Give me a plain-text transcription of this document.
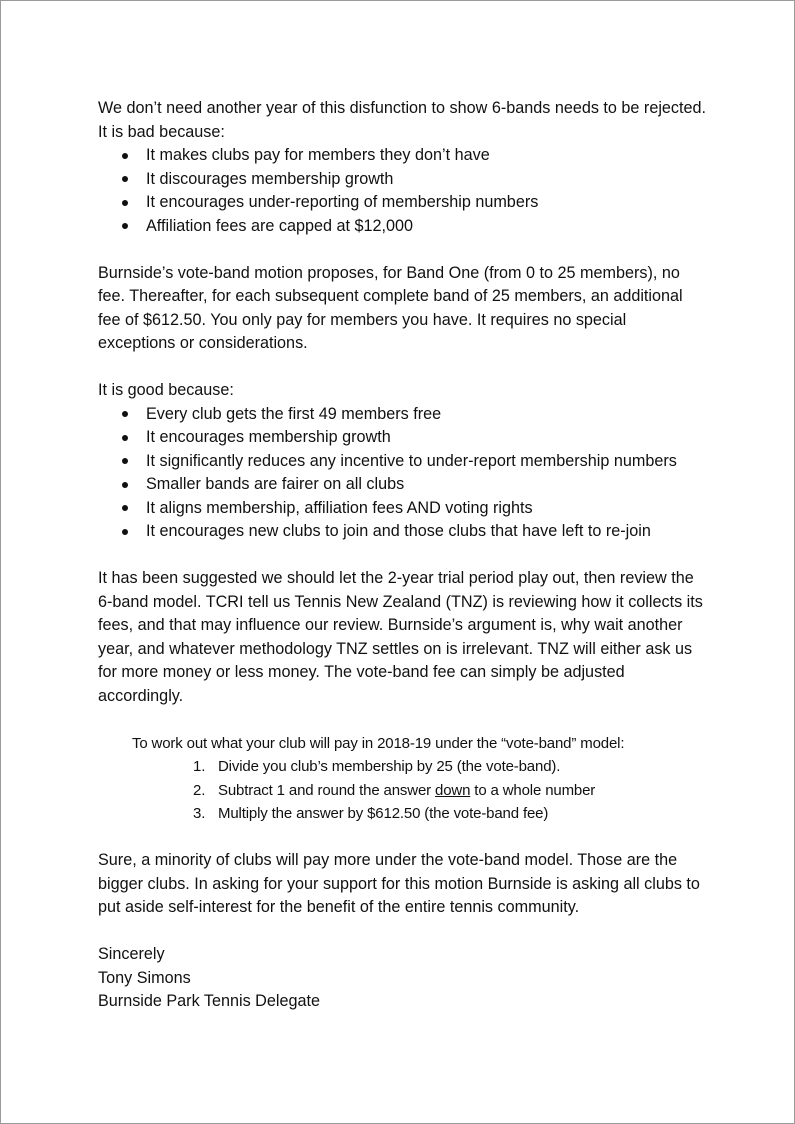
We don’t need another year of this disfunction to show 6-bands needs to be rejected. It is bad because:

It makes clubs pay for members they don’t have
It discourages membership growth
It encourages under-reporting of membership numbers
Affiliation fees are capped at $12,000

Burnside’s vote-band motion proposes, for Band One (from 0 to 25 members), no fee. Thereafter, for each subsequent complete band of 25 members, an additional fee of $612.50. You only pay for members you have. It requires no special exceptions or considerations.

It is good because:

Every club gets the first 49 members free
It encourages membership growth
It significantly reduces any incentive to under-report membership numbers
Smaller bands are fairer on all clubs
It aligns membership, affiliation fees AND voting rights
It encourages new clubs to join and those clubs that have left to re-join

It has been suggested we should let the 2-year trial period play out, then review the 6-band model. TCRI tell us Tennis New Zealand (TNZ) is reviewing how it collects its fees, and that may influence our review. Burnside’s argument is, why wait another year, and whatever methodology TNZ settles on is irrelevant. TNZ will either ask us for more money or less money. The vote-band fee can simply be adjusted accordingly.

To work out what your club will pay in 2018-19 under the “vote-band” model:
1. Divide you club’s membership by 25 (the vote-band).
2. Subtract 1 and round the answer down to a whole number
3. Multiply the answer by $612.50 (the vote-band fee)

Sure, a minority of clubs will pay more under the vote-band model. Those are the bigger clubs. In asking for your support for this motion Burnside is asking all clubs to put aside self-interest for the benefit of the entire tennis community.

Sincerely

Tony Simons

Burnside Park Tennis Delegate
